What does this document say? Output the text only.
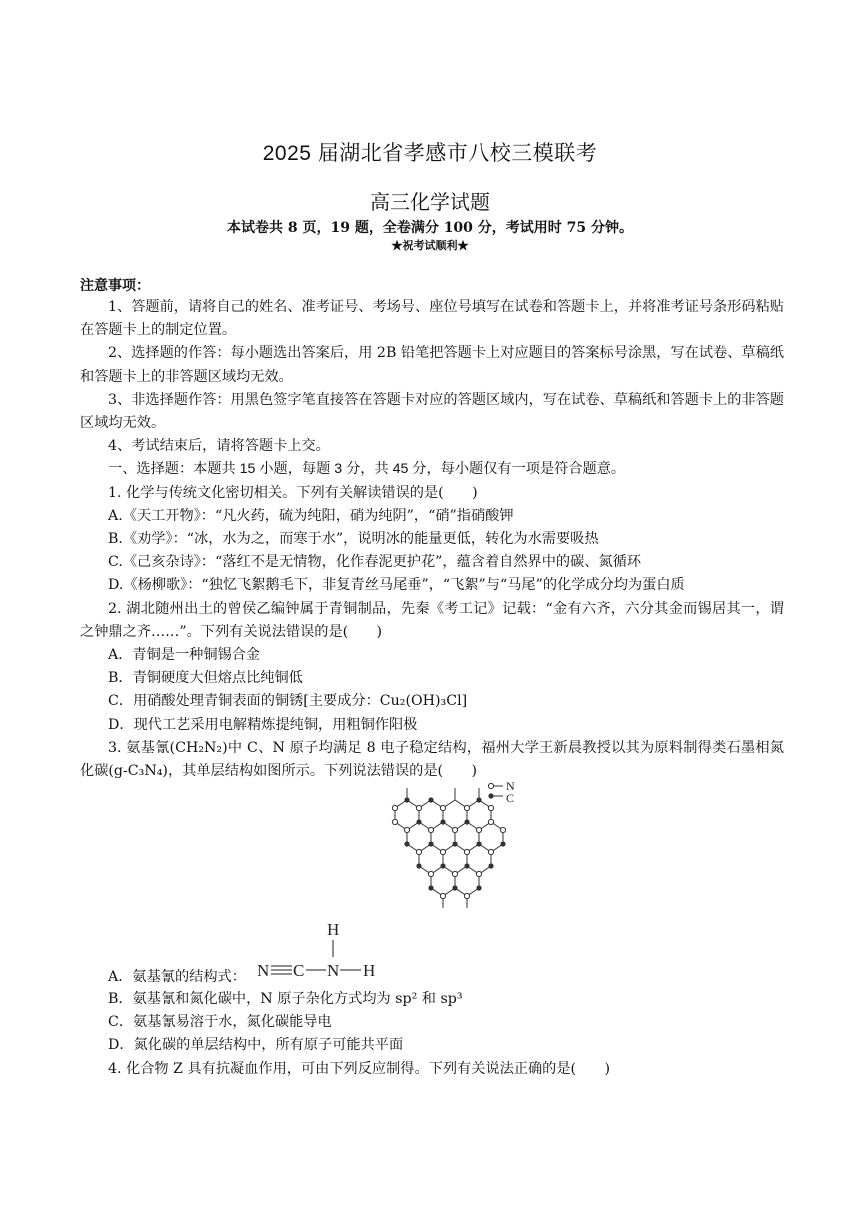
2025 届湖北省孝感市八校三模联考
高三化学试题
本试卷共 8 页，19 题，全卷满分 100 分，考试用时 75 分钟。
★祝考试顺利★
注意事项：

1、答题前，请将自己的姓名、准考证号、考场号、座位号填写在试卷和答题卡上，并将准考证号条形码粘贴在答题卡上的制定位置。

2、选择题的作答：每小题选出答案后，用 2B 铅笔把答题卡上对应题目的答案标号涂黑，写在试卷、草稿纸和答题卡上的非答题区域均无效。

3、非选择题作答：用黑色签字笔直接答在答题卡对应的答题区域内，写在试卷、草稿纸和答题卡上的非答题区域均无效。

4、考试结束后，请将答题卡上交。

一、选择题：本题共 15 小题，每题 3 分，共 45 分，每小题仅有一项是符合题意。

1. 化学与传统文化密切相关。下列有关解读错误的是(　　)

A.《天工开物》：“凡火药，硫为纯阳，硝为纯阴”，“硝”指硝酸钾

B.《劝学》：“冰，水为之，而寒于水”，说明冰的能量更低，转化为水需要吸热

C.《己亥杂诗》：“落红不是无情物，化作春泥更护花”，蕴含着自然界中的碳、氮循环

D.《杨柳歌》：“独忆飞絮鹅毛下，非复青丝马尾垂”，“飞絮”与“马尾”的化学成分均为蛋白质

2. 湖北随州出土的曾侯乙编钟属于青铜制品，先秦《考工记》记载：“金有六齐，六分其金而锡居其一，谓之钟鼎之齐……”。下列有关说法错误的是(　　)

A．青铜是一种铜锡合金

B．青铜硬度大但熔点比纯铜低

C．用硝酸处理青铜表面的铜锈[主要成分：Cu₂(OH)₃Cl]

D．现代工艺采用电解精炼提纯铜，用粗铜作阳极

3. 氨基氰(CH₂N₂)中 C、N 原子均满足 8 电子稳定结构，福州大学王新晨教授以其为原料制得类石墨相氮化碳(g-C₃N₄)，其单层结构如图所示。下列说法错误的是(　　)

N
C
A．氨基氰的结构式：
H
N C N H

B．氨基氰和氮化碳中，N 原子杂化方式均为 sp² 和 sp³

C．氨基氰易溶于水，氮化碳能导电

D．氮化碳的单层结构中，所有原子可能共平面

4. 化合物 Z 具有抗凝血作用，可由下列反应制得。下列有关说法正确的是(　　)
